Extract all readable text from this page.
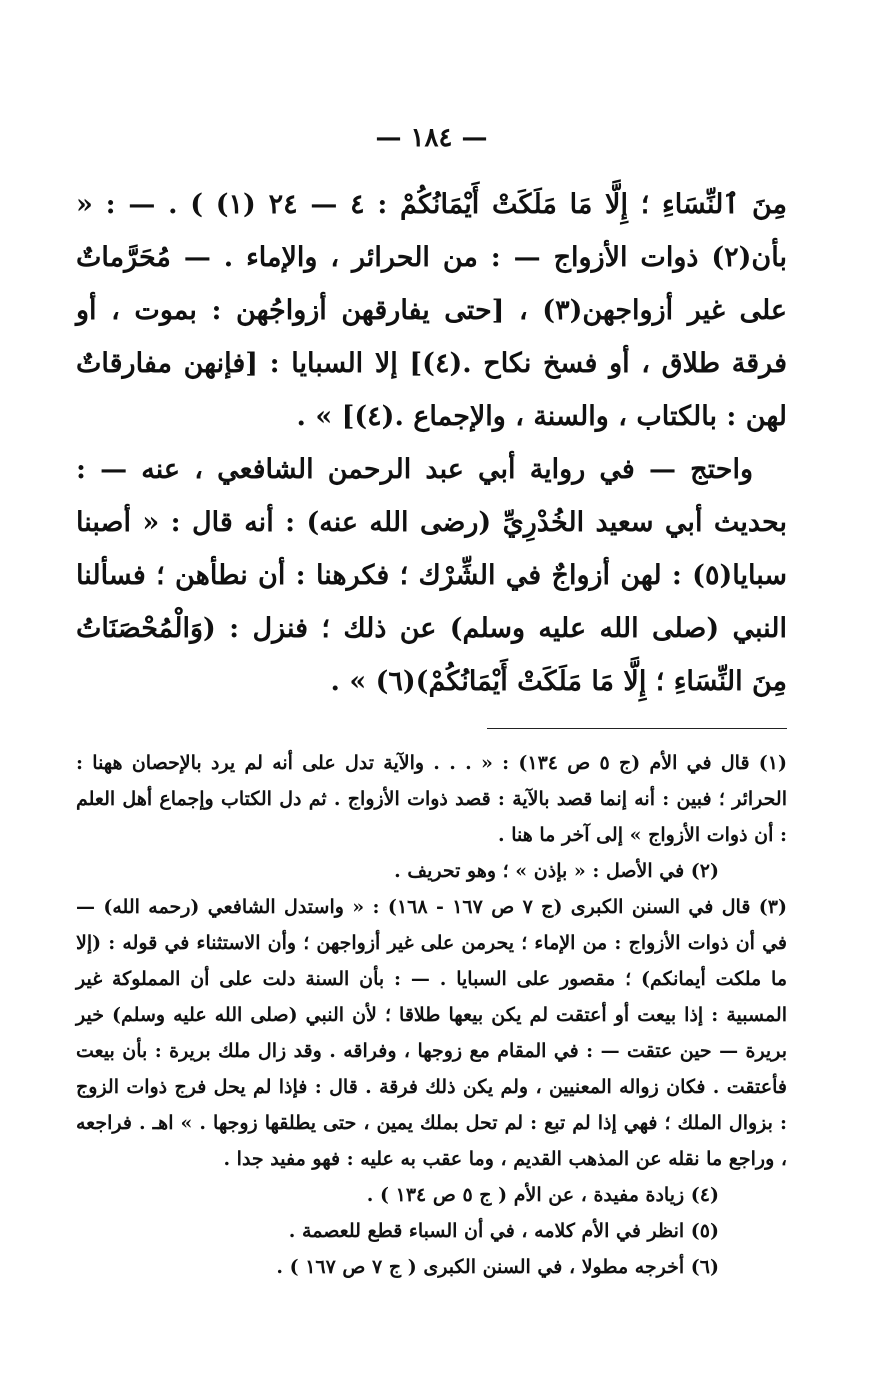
— ١٨٤ —

مِنَ ٱلنِّسَاءِ ؛ إِلَّا مَا مَلَكَتْ أَيْمَانُكُمْ : ٤ — ٢٤ (١) ) . — : « بأن(٢) ذوات الأزواج — : من الحرائر ، والإماء . — مُحَرَّماتٌ على غير أزواجهن(٣) ، [حتى يفارقهن أزواجُهن : بموت ، أو فرقة طلاق ، أو فسخ نكاح .(٤)] إلا السبايا : [فإنهن مفارقاتٌ لهن : بالكتاب ، والسنة ، والإجماع .(٤)] » .

واحتج — في رواية أبي عبد الرحمن الشافعي ، عنه — : بحديث أبي سعيد الخُدْرِيِّ (رضى الله عنه) : أنه قال : « أصبنا سبايا(٥) : لهن أزواجٌ في الشِّرْك ؛ فكرهنا : أن نطأهن ؛ فسألنا النبي (صلى الله عليه وسلم) عن ذلك ؛ فنزل : (وَالْمُحْصَنَاتُ مِنَ النِّسَاءِ ؛ إِلَّا مَا مَلَكَتْ أَيْمَانُكُمْ)(٦) » .

(١) قال في الأم (ج ٥ ص ١٣٤) : « . . . والآية تدل على أنه لم يرد بالإحصان ههنا : الحرائر ؛ فبين : أنه إنما قصد بالآية : قصد ذوات الأزواج . ثم دل الكتاب وإجماع أهل العلم : أن ذوات الأزواج » إلى آخر ما هنا .

(٢) في الأصل : « بإذن » ؛ وهو تحريف .

(٣) قال في السنن الكبرى (ج ٧ ص ١٦٧ - ١٦٨) : « واستدل الشافعي (رحمه الله) — في أن ذوات الأزواج : من الإماء ؛ يحرمن على غير أزواجهن ؛ وأن الاستثناء في قوله : (إلا ما ملكت أيمانكم) ؛ مقصور على السبايا . — : بأن السنة دلت على أن المملوكة غير المسبية : إذا بيعت أو أعتقت لم يكن بيعها طلاقا ؛ لأن النبي (صلى الله عليه وسلم) خير بريرة — حين عتقت — : في المقام مع زوجها ، وفراقه . وقد زال ملك بريرة : بأن بيعت فأعتقت . فكان زواله المعنيين ، ولم يكن ذلك فرقة . قال : فإذا لم يحل فرج ذوات الزوج : بزوال الملك ؛ فهي إذا لم تبع : لم تحل بملك يمين ، حتى يطلقها زوجها . » اهـ . فراجعه ، وراجع ما نقله عن المذهب القديم ، وما عقب به عليه : فهو مفيد جدا .

(٤) زيادة مفيدة ، عن الأم ( ج ٥ ص ١٣٤ ) .

(٥) انظر في الأم كلامه ، في أن السباء قطع للعصمة .

(٦) أخرجه مطولا ، في السنن الكبرى ( ج ٧ ص ١٦٧ ) .
